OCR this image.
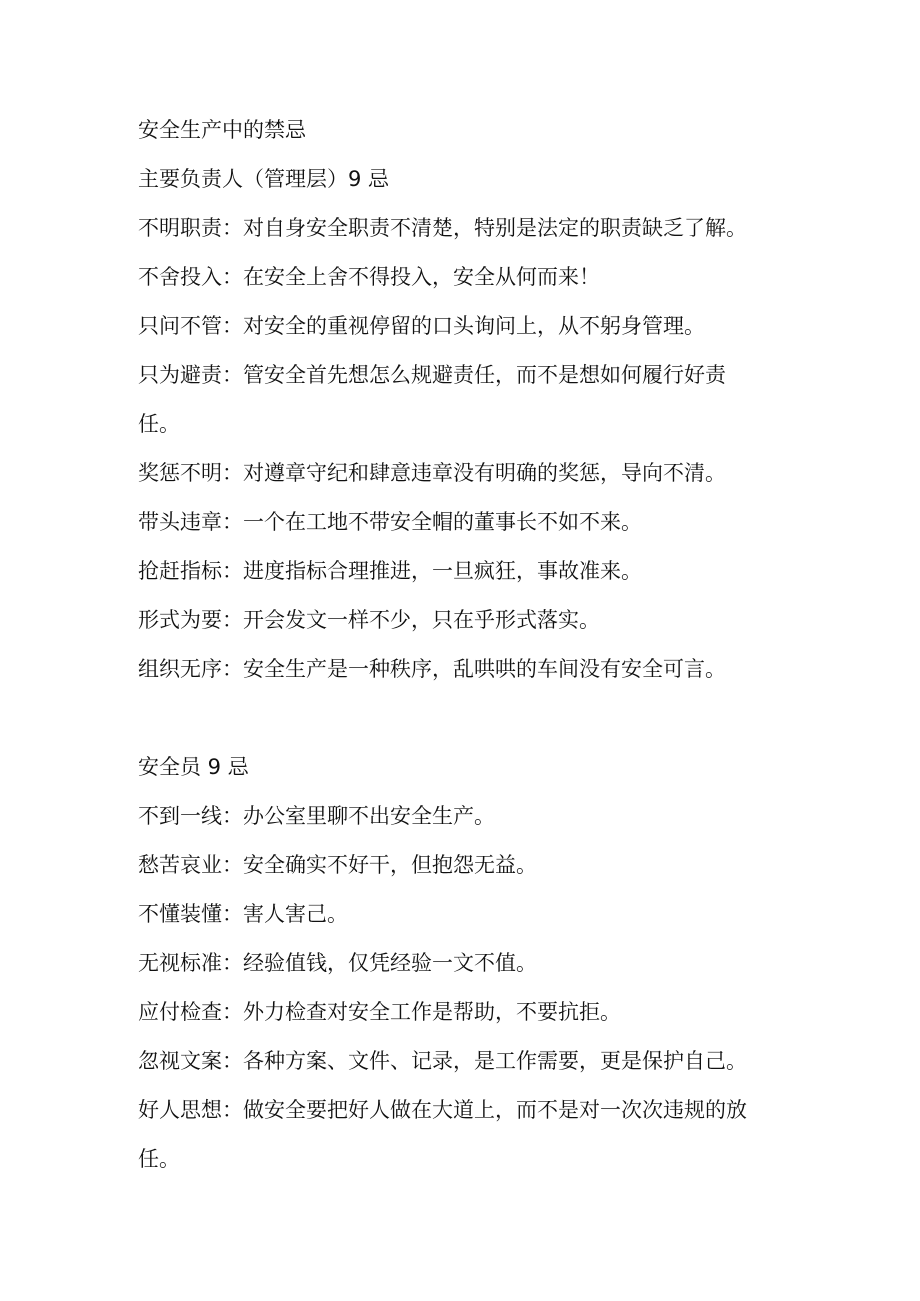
安全生产中的禁忌
主要负责人（管理层）9 忌
不明职责：对自身安全职责不清楚，特别是法定的职责缺乏了解。
不舍投入：在安全上舍不得投入，安全从何而来！
只问不管：对安全的重视停留的口头询问上，从不躬身管理。
只为避责：管安全首先想怎么规避责任，而不是想如何履行好责
任。
奖惩不明：对遵章守纪和肆意违章没有明确的奖惩，导向不清。
带头违章：一个在工地不带安全帽的董事长不如不来。
抢赶指标：进度指标合理推进，一旦疯狂，事故准来。
形式为要：开会发文一样不少，只在乎形式落实。
组织无序：安全生产是一种秩序，乱哄哄的车间没有安全可言。
安全员 9 忌
不到一线：办公室里聊不出安全生产。
愁苦哀业：安全确实不好干，但抱怨无益。
不懂装懂：害人害己。
无视标准：经验值钱，仅凭经验一文不值。
应付检查：外力检查对安全工作是帮助，不要抗拒。
忽视文案：各种方案、文件、记录，是工作需要，更是保护自己。
好人思想：做安全要把好人做在大道上，而不是对一次次违规的放
任。
